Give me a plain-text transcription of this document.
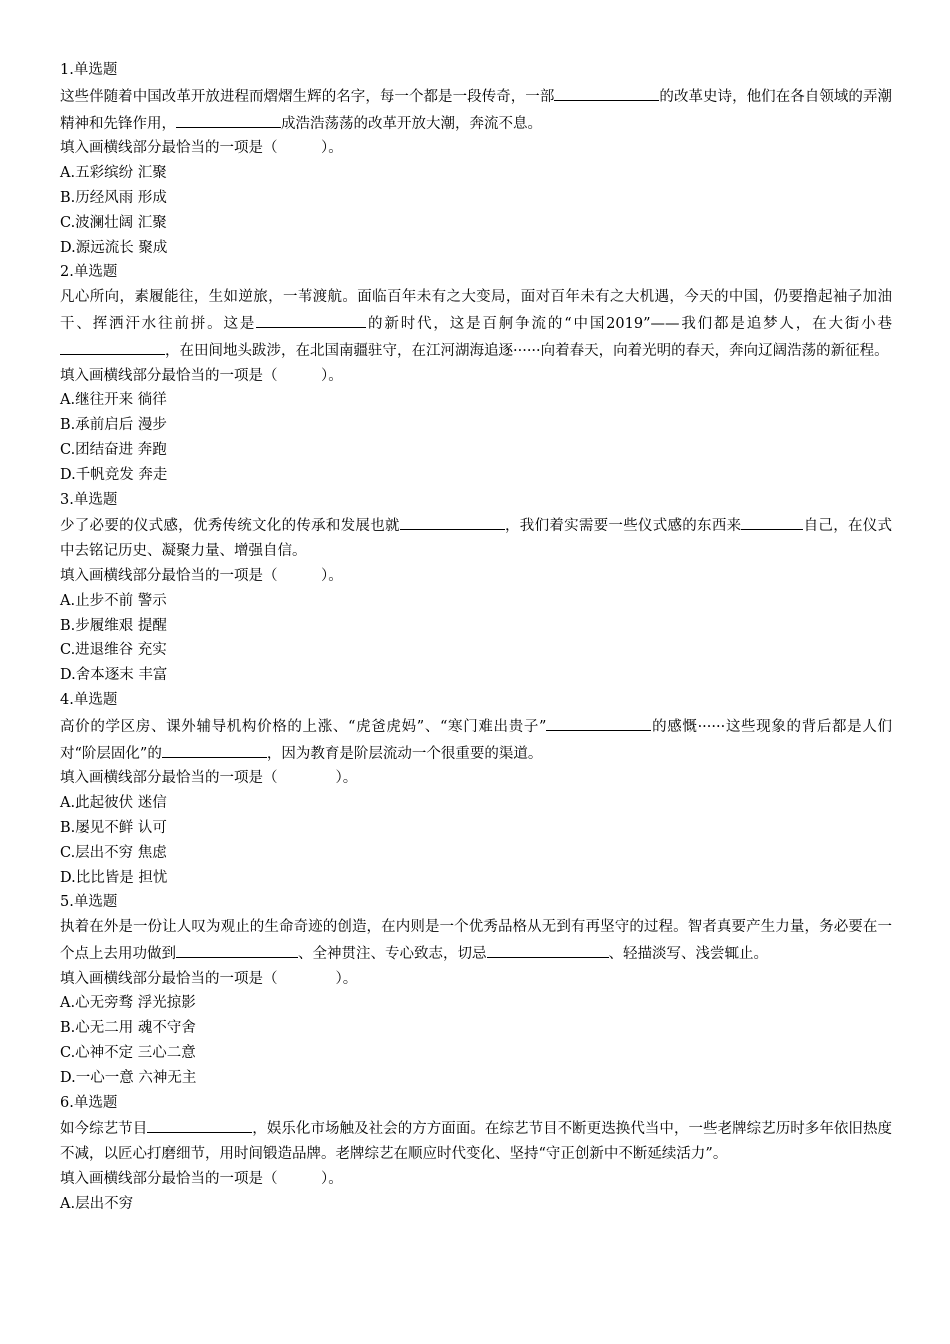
1.单选题

这些伴随着中国改革开放进程而熠熠生辉的名字，每一个都是一段传奇，一部	的改革史诗，他们在各自领域的弄潮精神和先锋作用，	成浩浩荡荡的改革开放大潮，奔流不息。

填入画横线部分最恰当的一项是（　　　）。

A.五彩缤纷 汇聚

B.历经风雨 形成

C.波澜壮阔 汇聚

D.源远流长 聚成

2.单选题

凡心所向，素履能往，生如逆旅，一苇渡航。面临百年未有之大变局，面对百年未有之大机遇，今天的中国，仍要撸起袖子加油干、挥洒汗水往前拼。这是	的新时代，这是百舸争流的“中国2019”——我们都是追梦人，在大街小巷，在田间地头跋涉，在北国南疆驻守，在江河湖海追逐······向着春天，向着光明的春天，奔向辽阔浩荡的新征程。

填入画横线部分最恰当的一项是（　　　）。

A.继往开来 徜徉

B.承前启后 漫步

C.团结奋进 奔跑

D.千帆竞发 奔走

3.单选题

少了必要的仪式感，优秀传统文化的传承和发展也就	，我们着实需要一些仪式感的东西来	自己，在仪式中去铭记历史、凝聚力量、增强自信。

填入画横线部分最恰当的一项是（　　　）。

A.止步不前 警示

B.步履维艰 提醒

C.进退维谷 充实

D.舍本逐末 丰富

4.单选题

高价的学区房、课外辅导机构价格的上涨、“虎爸虎妈”、“寒门难出贵子”	的感慨······这些现象的背后都是人们对“阶层固化”的	，因为教育是阶层流动一个很重要的渠道。

填入画横线部分最恰当的一项是（　　　　）。

A.此起彼伏 迷信

B.屡见不鲜 认可

C.层出不穷 焦虑

D.比比皆是 担忧

5.单选题

执着在外是一份让人叹为观止的生命奇迹的创造，在内则是一个优秀品格从无到有再坚守的过程。智者真要产生力量，务必要在一个点上去用功做到	、全神贯注、专心致志，切忌	、轻描淡写、浅尝辄止。

填入画横线部分最恰当的一项是（　　　　）。

A.心无旁骛 浮光掠影

B.心无二用 魂不守舍

C.心神不定 三心二意

D.一心一意 六神无主

6.单选题

如今综艺节目	，娱乐化市场触及社会的方方面面。在综艺节目不断更迭换代当中，一些老牌综艺历时多年依旧热度不减，以匠心打磨细节，用时间锻造品牌。老牌综艺在顺应时代变化、坚持“守正创新中不断延续活力”。

填入画横线部分最恰当的一项是（　　　）。

A.层出不穷
